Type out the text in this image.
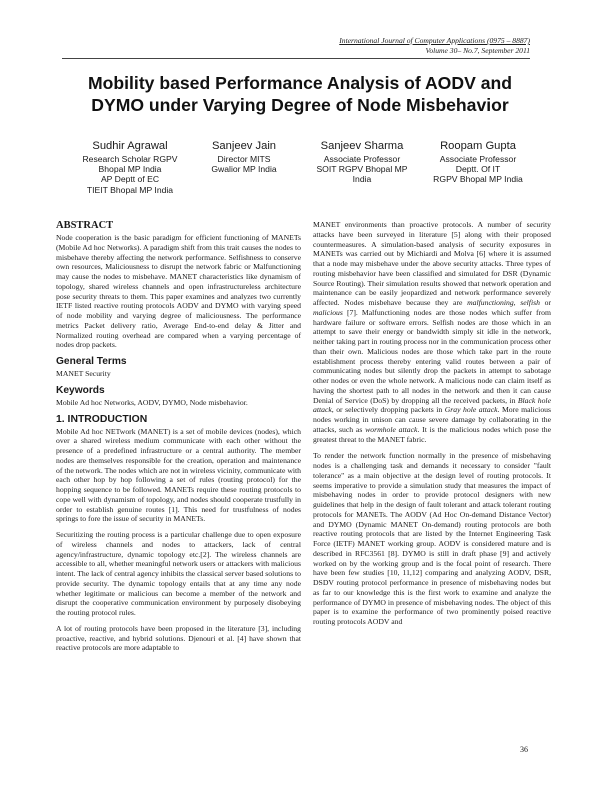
International Journal of Computer Applications (0975 – 8887)
Volume 30– No.7, September 2011
Mobility based Performance Analysis of AODV and
DYMO under Varying Degree of Node Misbehavior
Sudhir Agrawal
Research Scholar RGPV
Bhopal MP India
AP Deptt of EC
TIEIT Bhopal MP India
Sanjeev Jain
Director MITS
Gwalior MP India
Sanjeev Sharma
Associate Professor
SOIT RGPV Bhopal MP
India
Roopam Gupta
Associate Professor
Deptt. Of IT
RGPV Bhopal MP India
ABSTRACT

Node cooperation is the basic paradigm for efficient functioning of MANETs (Mobile Ad hoc Networks). A paradigm shift from this trait causes the nodes to misbehave thereby affecting the network performance. Selfishness to conserve own resources, Maliciousness to disrupt the network fabric or Malfunctioning may cause the nodes to misbehave. MANET characteristics like dynamism of topology, shared wireless channels and open infrastructureless architecture pose security threats to them. This paper examines and analyzes two currently IETF listed reactive routing protocols AODV and DYMO with varying speed of node mobility and varying degree of maliciousness. The performance metrics Packet delivery ratio, Average End-to-end delay & Jitter and Normalized routing overhead are compared when a varying percentage of nodes drop packets.

General Terms

MANET Security

Keywords

Mobile Ad hoc Networks, AODV, DYMO, Node misbehavior.

1. INTRODUCTION

Mobile Ad hoc NETwork (MANET) is a set of mobile devices (nodes), which over a shared wireless medium communicate with each other without the presence of a predefined infrastructure or a central authority. The member nodes are themselves responsible for the creation, operation and maintenance of the network. The nodes which are not in wireless vicinity, communicate with each other hop by hop following a set of rules (routing protocol) for the hopping sequence to be followed. MANETs require these routing protocols to cope well with dynamism of topology, and nodes should cooperate trustfully in order to establish genuine routes [1]. This need for trustfulness of nodes springs to fore the issue of security in MANETs.

Securitizing the routing process is a particular challenge due to open exposure of wireless channels and nodes to attackers, lack of central agency/infrastructure, dynamic topology etc.[2]. The wireless channels are accessible to all, whether meaningful network users or attackers with malicious intent. The lack of central agency inhibits the classical server based solutions to provide security. The dynamic topology entails that at any time any node whether legitimate or malicious can become a member of the network and disrupt the cooperative communication environment by purposely disobeying the routing protocol rules.

A lot of routing protocols have been proposed in the literature [3], including proactive, reactive, and hybrid solutions. Djenouri et al. [4] have shown that reactive protocols are more adaptable to

MANET environments than proactive protocols. A number of security attacks have been surveyed in literature [5] along with their proposed countermeasures. A simulation-based analysis of security exposures in MANETs was carried out by Michiardi and Molva [6] where it is assumed that a node may misbehave under the above security attacks. Three types of routing misbehavior have been classified and simulated for DSR (Dynamic Source Routing). Their simulation results showed that network operation and maintenance can be easily jeopardized and network performance severely affected. Nodes misbehave because they are malfunctioning, selfish or malicious [7]. Malfunctioning nodes are those nodes which suffer from hardware failure or software errors. Selfish nodes are those which in an attempt to save their energy or bandwidth simply sit idle in the network, neither taking part in routing process nor in the communication process other than their own. Malicious nodes are those which take part in the route establishment process thereby entering valid routes between a pair of communicating nodes but silently drop the packets in attempt to sabotage other nodes or even the whole network. A malicious node can claim itself as having the shortest path to all nodes in the network and then it can cause Denial of Service (DoS) by dropping all the received packets, in Black hole attack, or selectively dropping packets in Gray hole attack. More malicious nodes working in unison can cause severe damage by collaborating in the attacks, such as wormhole attack. It is the malicious nodes which pose the greatest threat to the MANET fabric.

To render the network function normally in the presence of misbehaving nodes is a challenging task and demands it necessary to consider "fault tolerance" as a main objective at the design level of routing protocols. It seems imperative to provide a simulation study that measures the impact of misbehaving nodes in order to provide protocol designers with new guidelines that help in the design of fault tolerant and attack tolerant routing protocols for MANETs. The AODV (Ad Hoc On-demand Distance Vector) and DYMO (Dynamic MANET On-demand) routing protocols are both reactive routing protocols that are listed by the Internet Engineering Task Force (IETF) MANET working group. AODV is considered mature and is described in RFC3561 [8]. DYMO is still in draft phase [9] and actively worked on by the working group and is the focal point of research. There have been few studies [10, 11,12] comparing and analyzing AODV, DSR, DSDV routing protocol performance in presence of misbehaving nodes but as far to our knowledge this is the first work to examine and analyze the performance of DYMO in presence of misbehaving nodes. The object of this paper is to examine the performance of two prominently poised reactive routing protocols AODV and

36
